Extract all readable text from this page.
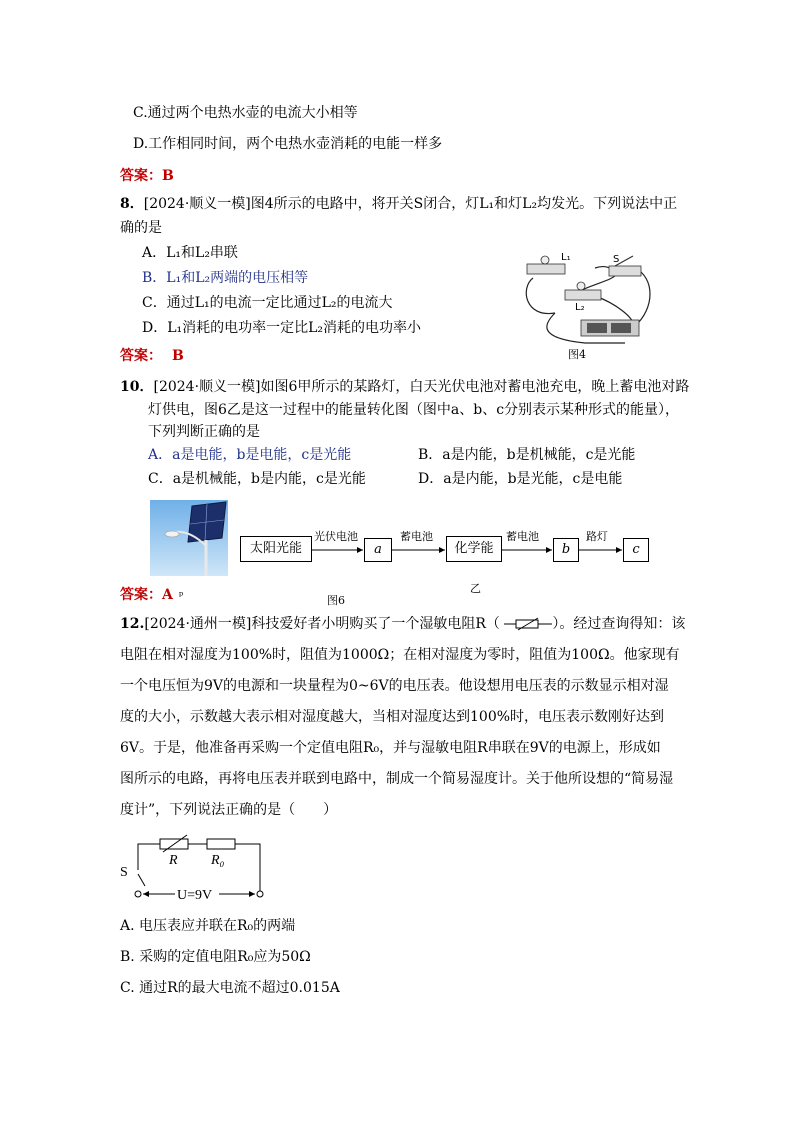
C.通过两个电热水壶的电流大小相等
D.工作相同时间，两个电热水壶消耗的电能一样多
答案：B
8．[2024·顺义一模]图4所示的电路中，将开关S闭合，灯L₁和灯L₂均发光。下列说法中正
确的是
A．L₁和L₂串联
B．L₁和L₂两端的电压相等
C．通过L₁的电流一定比通过L₂的电流大
D．L₁消耗的电功率一定比L₂消耗的电功率小
答案： B
L₁	S
L₂
图4
10．[2024·顺义一模]如图6甲所示的某路灯，白天光伏电池对蓄电池充电，晚上蓄电池对路
灯供电，图6乙是这一过程中的能量转化图（图中a、b、c分别表示某种形式的能量），
下列判断正确的是
A．a是电能，b是电能，c是光能	B．a是内能，b是机械能，c是光能
C．a是机械能，b是内能，c是光能	D．a是内能，b是光能，c是电能
太阳光能	a	化学能	b	c
光伏电池	蓄电池	蓄电池	路灯
答案：A ᵖ	图6
乙
12.[2024·通州一模]科技爱好者小明购买了一个湿敏电阻R（	）。经过查询得知：该
电阻在相对湿度为100%时，阻值为1000Ω；在相对湿度为零时，阻值为100Ω。他家现有
一个电压恒为9V的电源和一块量程为0~6V的电压表。他设想用电压表的示数显示相对湿
度的大小，示数越大表示相对湿度越大，当相对湿度达到100%时，电压表示数刚好达到
6V。于是，他准备再采购一个定值电阻R₀，并与湿敏电阻R串联在9V的电源上，形成如
图所示的电路，再将电压表并联到电路中，制成一个简易湿度计。关于他所设想的“简易湿
度计”，下列说法正确的是（　　）
R R₀
S
U=9V
A. 电压表应并联在R₀的两端
B. 采购的定值电阻R₀应为50Ω
C. 通过R的最大电流不超过0.015A
